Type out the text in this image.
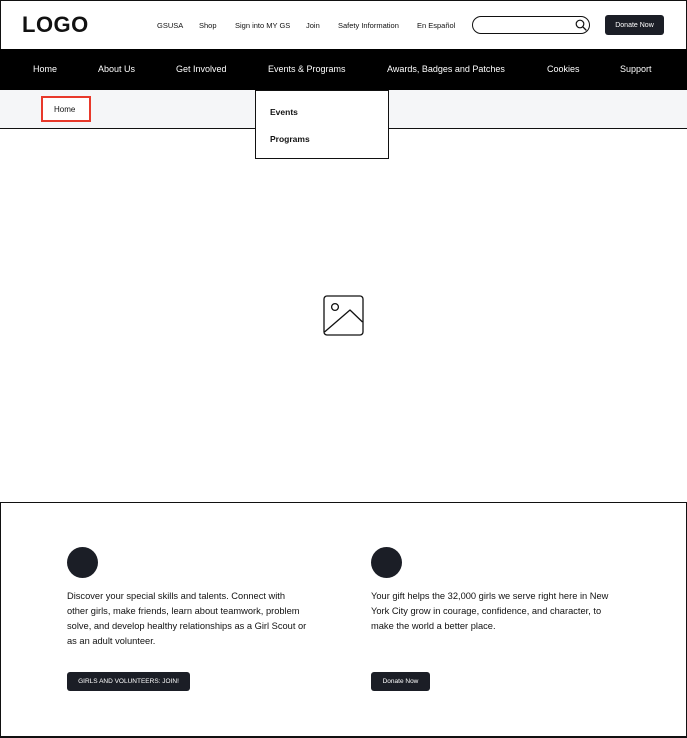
LOGO	GSUSA Shop Sign into MY GS Join Safety Information En Español	Donate Now
Home	About Us	Get Involved	Events & Programs	Awards, Badges and Patches	Cookies	Support
Home	Events
Programs

Discover your special skills and talents. Connect with other girls, make friends, learn about teamwork, problem solve, and develop healthy relationships as a Girl Scout or as an adult volunteer.

GIRLS AND VOLUNTEERS: JOIN!

Your gift helps the 32,000 girls we serve right here in New York City grow in courage, confidence, and character, to make the world a better place.

Donate Now
